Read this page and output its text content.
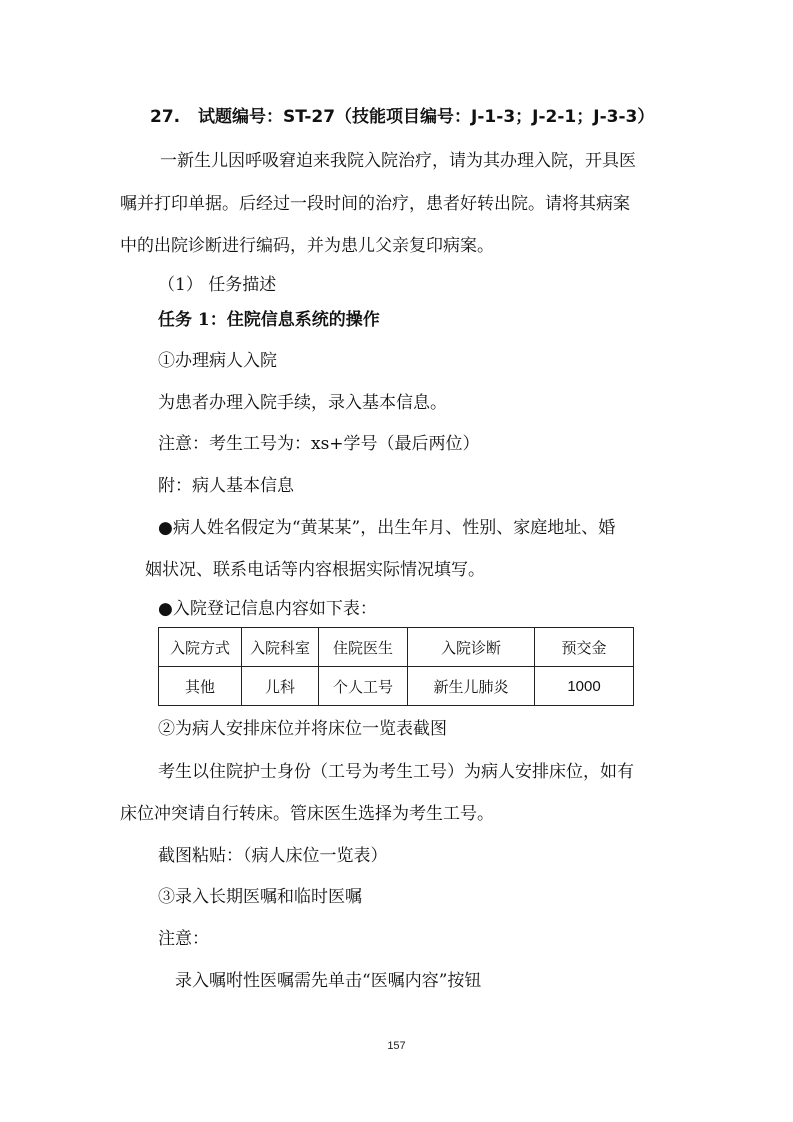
27. 试题编号：ST-27（技能项目编号：J-1-3；J-2-1；J-3-3）
一新生儿因呼吸窘迫来我院入院治疗，请为其办理入院，开具医
嘱并打印单据。后经过一段时间的治疗，患者好转出院。请将其病案
中的出院诊断进行编码，并为患儿父亲复印病案。
（1） 任务描述
任务 1：住院信息系统的操作
①办理病人入院
为患者办理入院手续，录入基本信息。
注意：考生工号为：xs+学号（最后两位）
附：病人基本信息
●病人姓名假定为“黄某某”，出生年月、性别、家庭地址、婚
姻状况、联系电话等内容根据实际情况填写。
●入院登记信息内容如下表：
入院方式	入院科室	住院医生	入院诊断	预交金
其他	儿科	个人工号	新生儿肺炎	1000
②为病人安排床位并将床位一览表截图
考生以住院护士身份（工号为考生工号）为病人安排床位，如有
床位冲突请自行转床。管床医生选择为考生工号。
截图粘贴：（病人床位一览表）
③录入长期医嘱和临时医嘱
注意：
录入嘱咐性医嘱需先单击“医嘱内容”按钮
157
